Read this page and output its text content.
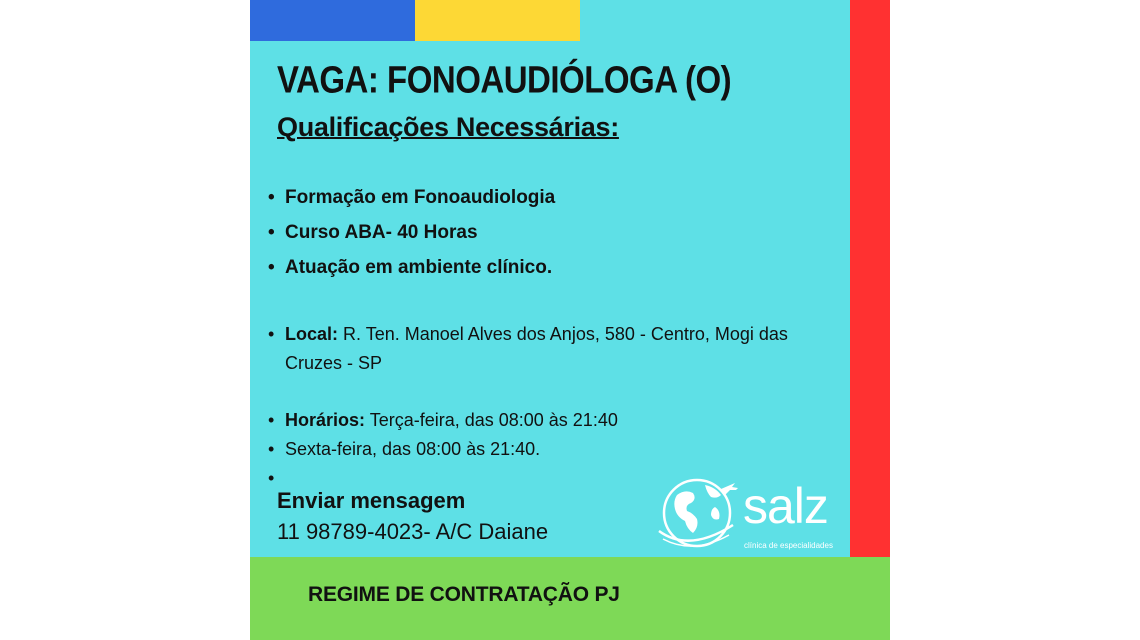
VAGA: FONOAUDIÓLOGA (O)
Qualificações Necessárias:
• Formação em Fonoaudiologia
• Curso ABA- 40 Horas
• Atuação em ambiente clínico.
• Local: R. Ten. Manoel Alves dos Anjos, 580 - Centro, Mogi das Cruzes - SP
• Horários: Terça-feira, das 08:00 às 21:40
• Sexta-feira, das 08:00 às 21:40.
•
Enviar mensagem
11 98789-4023- A/C Daiane	salz
clínica de especialidades
REGIME DE CONTRATAÇÃO PJ
